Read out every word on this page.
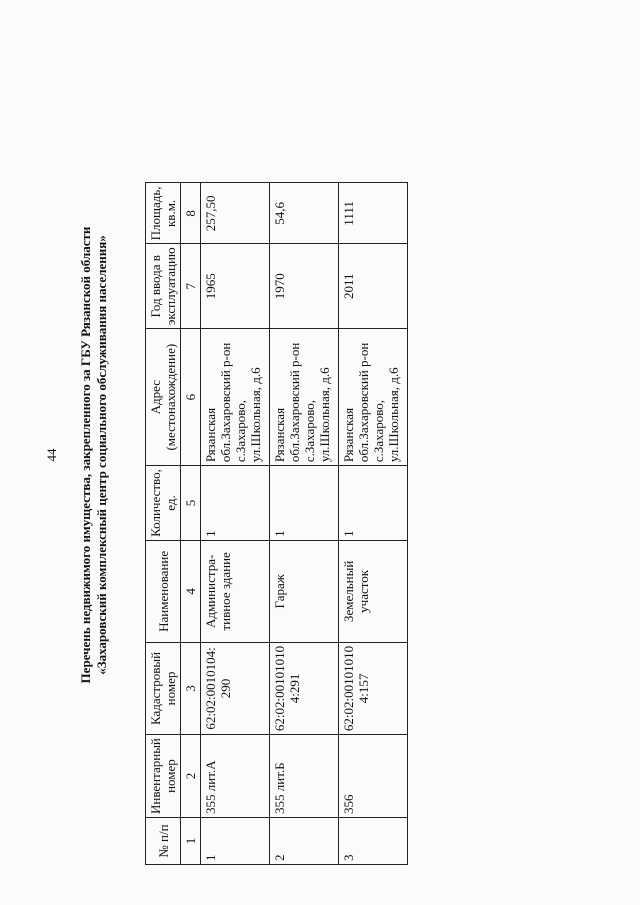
44 Перечень недвижимого имущества, закрепленного за ГБУ Рязанской области «Захаровский комплексный центр социального обслуживания населения»
№ п/п	Инвентарный номер	Кадастровый номер	Наименование	Количество, ед.	Адрес (местонахождение)	Год ввода в эксплуатацию	Площадь, кв.м.
1	2	3	4	5	6	7	8
1	355 лит.А	62:02:0010104: 290	Администра- тивное здание	1	Рязанская обл.Захаровский р-он с.Захарово, ул.Школьная, д.6	1965	257,50
2	355 лит.Б	62:02:00101010 4:291	Гараж	1	Рязанская обл.Захаровский р-он с.Захарово, ул.Школьная, д.6	1970	54,6
3	356	62:02:00101010 4:157	Земельный участок	1	Рязанская обл.Захаровский р-он с.Захарово, ул.Школьная, д.6	2011	1111
